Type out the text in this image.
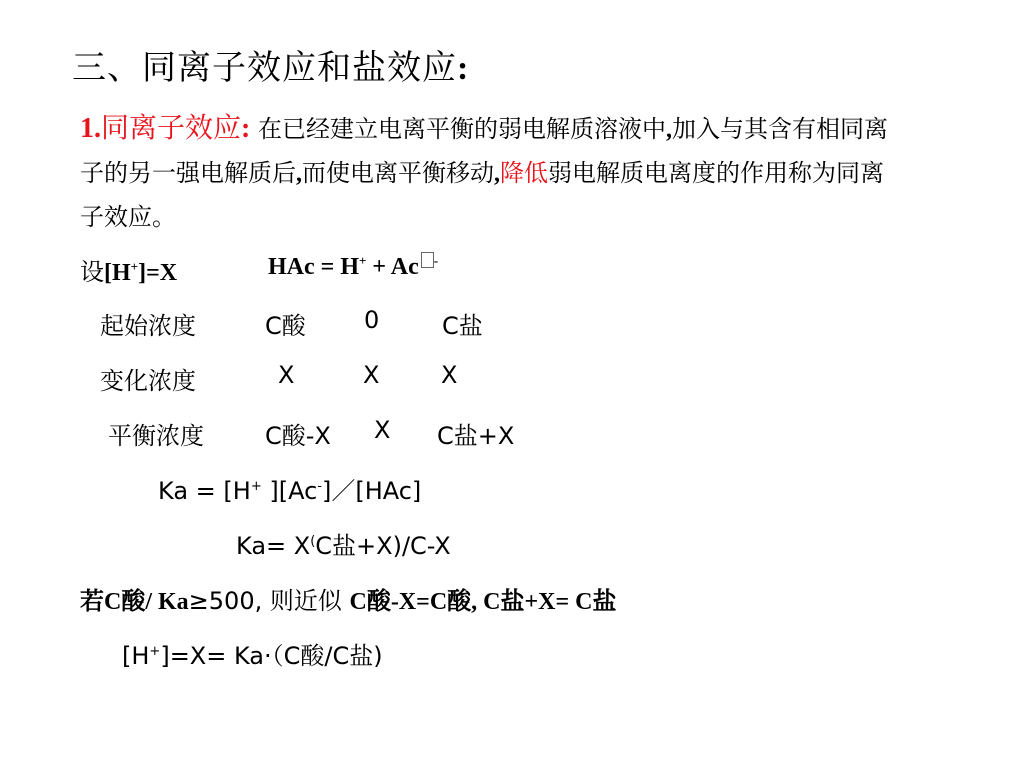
三、同离子效应和盐效应:
1.同离子效应: 在已经建立电离平衡的弱电解质溶液中,加入与其含有相同离子的另一强电解质后,而使电离平衡移动,降低弱电解质电离度的作用称为同离子效应。
设[H+]=X	HAc = H+ + Ac -
起始浓度	C酸 0	C盐
变化浓度	X	X	X
平衡浓度	C酸-X X C盐+X
Ka = [H+ ][Ac-]／[HAc]
Ka= X(C盐+X)/C-X
若C酸/ Ka≥500, 则近似 C酸-X=C酸, C盐+X= C盐
[H+]=X= Ka·（C酸/C盐)
